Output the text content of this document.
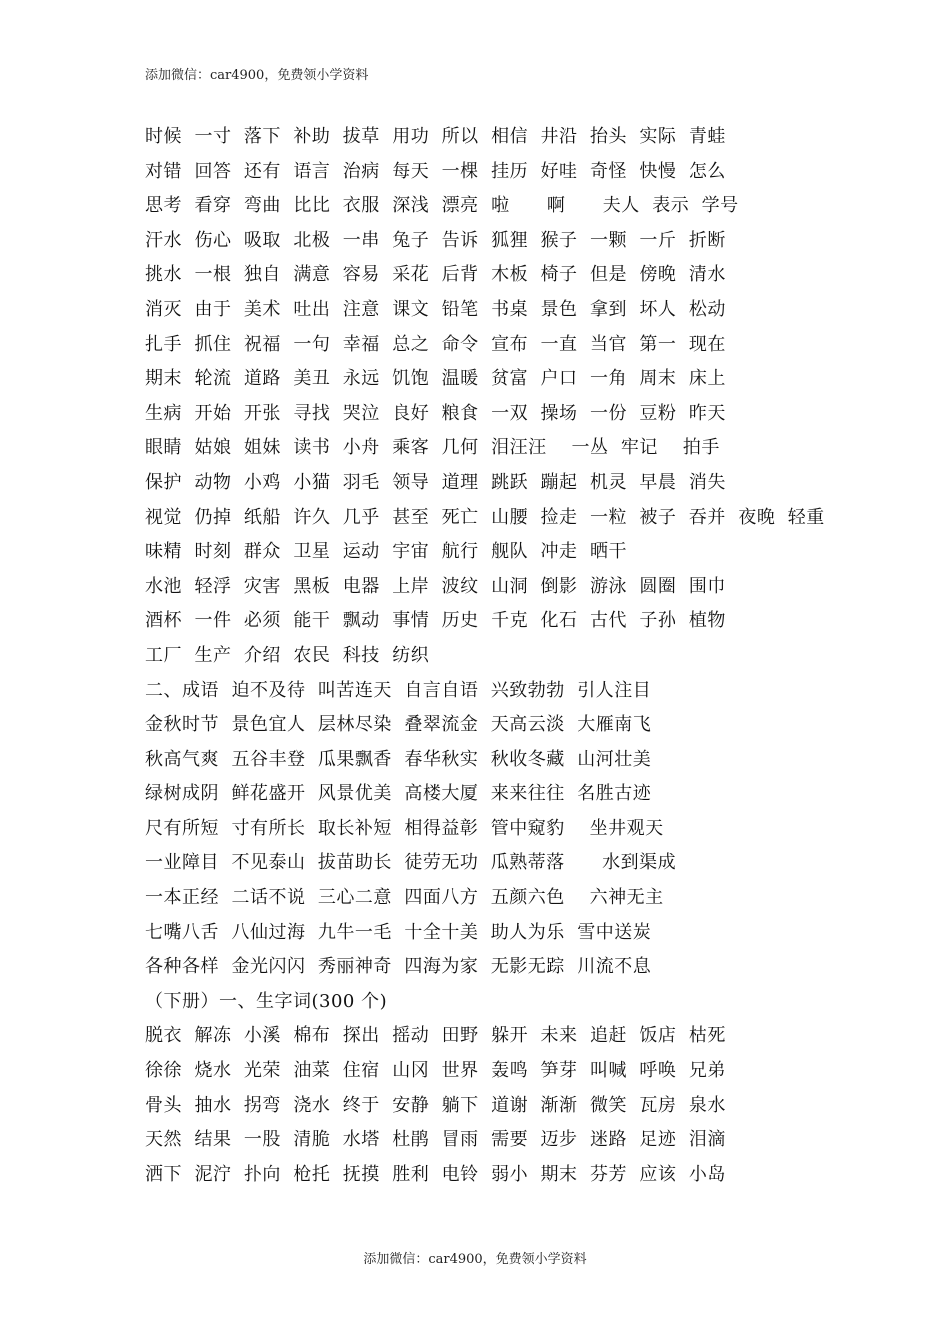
添加微信：car4900，免费领小学资料
时候  一寸  落下  补助  拔草  用功  所以  相信  井沿  抬头  实际  青蛙
对错  回答  还有  语言  治病  每天  一棵  挂历  好哇  奇怪  快慢  怎么
思考  看穿  弯曲  比比  衣服  深浅  漂亮  啦      啊      夫人  表示  学号
汗水  伤心  吸取  北极  一串  兔子  告诉  狐狸  猴子  一颗  一斤  折断
挑水  一根  独自  满意  容易  采花  后背  木板  椅子  但是  傍晚  清水
消灭  由于  美术  吐出  注意  课文  铅笔  书桌  景色  拿到  坏人  松动
扎手  抓住  祝福  一句  幸福  总之  命令  宣布  一直  当官  第一  现在
期末  轮流  道路  美丑  永远  饥饱  温暖  贫富  户口  一角  周末  床上
生病  开始  开张  寻找  哭泣  良好  粮食  一双  操场  一份  豆粉  昨天
眼睛  姑娘  姐妹  读书  小舟  乘客  几何  泪汪汪    一丛  牢记    拍手
保护  动物  小鸡  小猫  羽毛  领导  道理  跳跃  蹦起  机灵  早晨  消失
视觉  仍掉  纸船  许久  几乎  甚至  死亡  山腰  捡走  一粒  被子  吞并  夜晚  轻重
味精  时刻  群众  卫星  运动  宇宙  航行  舰队  冲走  晒干
水池  轻浮  灾害  黑板  电器  上岸  波纹  山洞  倒影  游泳  圆圈  围巾
酒杯  一件  必须  能干  飘动  事情  历史  千克  化石  古代  子孙  植物
工厂  生产  介绍  农民  科技  纺织
二、成语  迫不及待  叫苦连天  自言自语  兴致勃勃  引人注目
金秋时节  景色宜人  层林尽染  叠翠流金  天高云淡  大雁南飞
秋高气爽  五谷丰登  瓜果飘香  春华秋实  秋收冬藏  山河壮美
绿树成阴  鲜花盛开  风景优美  高楼大厦  来来往往  名胜古迹
尺有所短  寸有所长  取长补短  相得益彰  管中窥豹    坐井观天
一业障目  不见泰山  拔苗助长  徒劳无功  瓜熟蒂落      水到渠成
一本正经  二话不说  三心二意  四面八方  五颜六色    六神无主
七嘴八舌  八仙过海  九牛一毛  十全十美  助人为乐  雪中送炭
各种各样  金光闪闪  秀丽神奇  四海为家  无影无踪  川流不息
（下册）一、生字词(300 个)
脱衣  解冻  小溪  棉布  探出  摇动  田野  躲开  未来  追赶  饭店  枯死
徐徐  烧水  光荣  油菜  住宿  山冈  世界  轰鸣  笋芽  叫喊  呼唤  兄弟
骨头  抽水  拐弯  浇水  终于  安静  躺下  道谢  渐渐  微笑  瓦房  泉水
天然  结果  一股  清脆  水塔  杜鹃  冒雨  需要  迈步  迷路  足迹  泪滴
洒下  泥泞  扑向  枪托  抚摸  胜利  电铃  弱小  期末  芬芳  应该  小岛
添加微信：car4900，免费领小学资料
